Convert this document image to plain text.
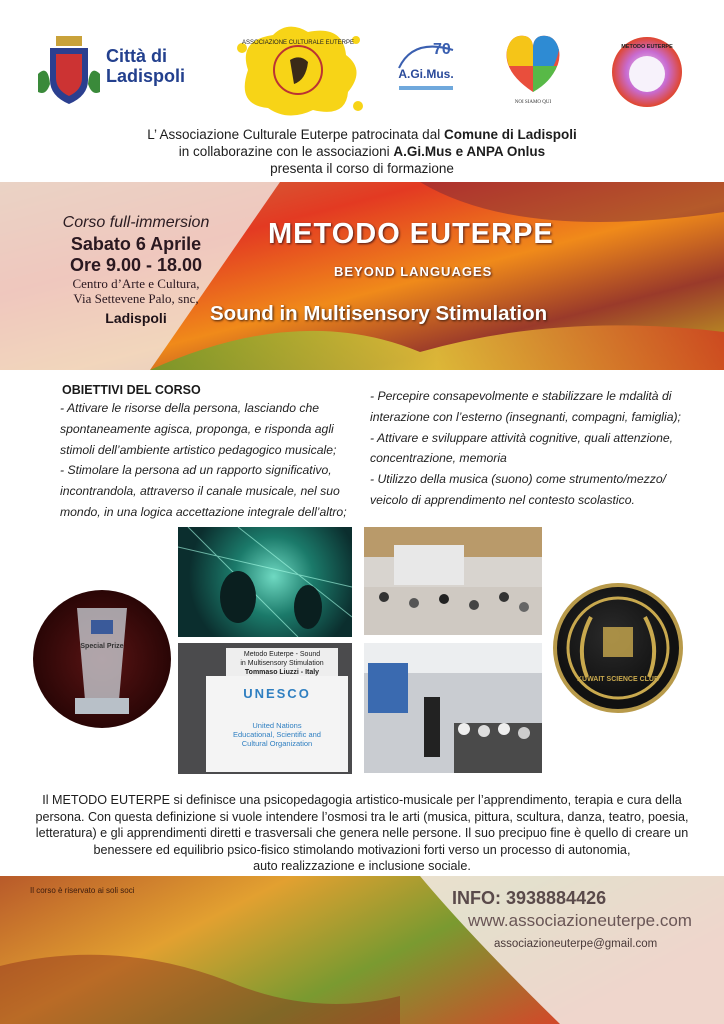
Città di
Ladispoli
ASSOCIAZIONE CULTURALE EUTERPE	70
A.Gi.Mus.
NOI SIAMO QUI
METODO EUTERPE
L’ Associazione Culturale Euterpe patrocinata dal Comune di Ladispoli
in collaborazine con le associazioni A.Gi.Mus e ANPA Onlus
presenta il corso di formazione
Corso full-immersion
Sabato 6 Aprile
Ore 9.00 - 18.00
Centro d’Arte e Cultura,
Via Settevene Palo, snc,
Ladispoli
METODO EUTERPE
BEYOND LANGUAGES
Sound in Multisensory Stimulation
OBIETTIVI DEL CORSO
- Attivare le risorse della persona, lasciando che
spontaneamente agisca, proponga, e risponda agli
stimoli dell’ambiente artistico pedagogico musicale;
- Stimolare la persona ad un rapporto significativo,
incontrandola, attraverso il canale musicale, nel suo
mondo, in una logica accettazione integrale dell’altro;
- Percepire consapevolmente e stabilizzare le mdalità di
interazione con l’esterno (insegnanti, compagni, famiglia);
- Attivare e sviluppare attività cognitive, quali attenzione,
concentrazione, memoria
- Utilizzo della musica (suono) come strumento/mezzo/
veicolo di apprendimento nel contesto scolastico.
Special Prize
Metodo Euterpe - Sound
in Multisensory Stimulation
Tommaso Liuzzi - Italy
UNESCO
United Nations
Educational, Scientific and
Cultural Organization
KUWAIT SCIENCE CLUB
Il METODO EUTERPE si definisce una psicopedagogia artistico-musicale per l’apprendimento, terapia e cura della
persona. Con questa definizione si vuole intendere l’osmosi tra le arti (musica, pittura, scultura, danza, teatro, poesia,
letteratura) e gli apprendimenti diretti e trasversali che genera nelle persone. Il suo precipuo fine è quello di creare un
benessere ed equilibrio psico-fisico stimolando motivazioni forti verso un processo di autonomia,
auto realizzazione e inclusione sociale.
Il corso è riservato ai soli soci	INFO: 3938884426
www.associazioneuterpe.com
associazioneuterpe@gmail.com
